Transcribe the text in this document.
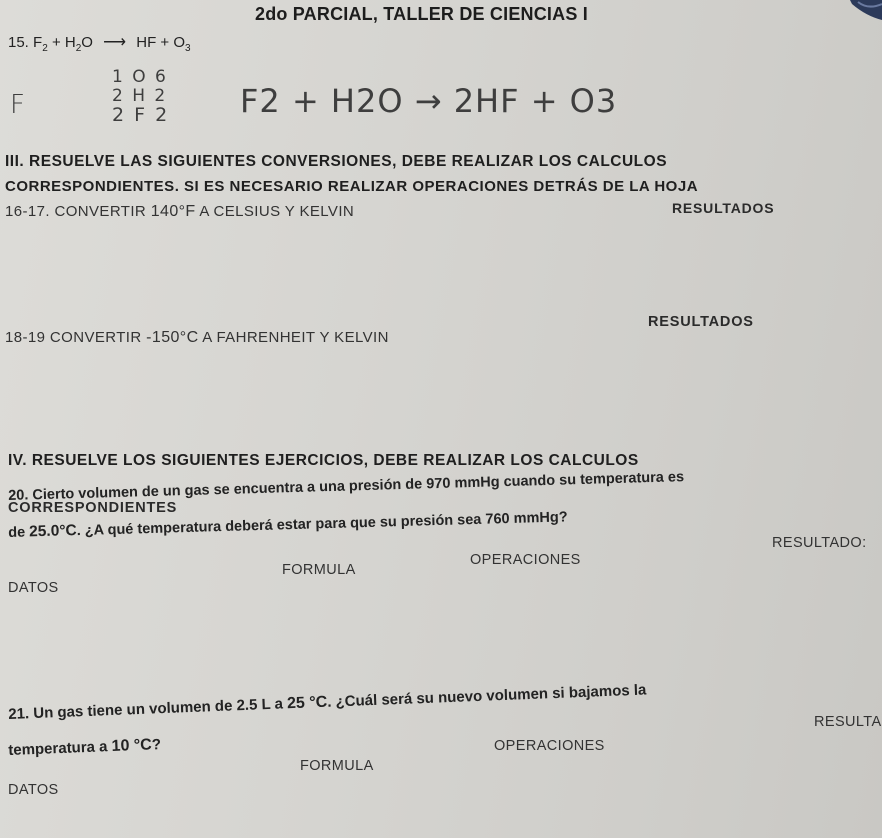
2do PARCIAL, TALLER DE CIENCIAS I
15. $F_2 + H_2O$ ⟶ HF + $O_3$
F
1 O 6
2 H 2
2 F 2 F2 + H2O → 2HF + O3
III. RESUELVE LAS SIGUIENTES CONVERSIONES, DEBE REALIZAR LOS CALCULOS
CORRESPONDIENTES. SI ES NECESARIO REALIZAR OPERACIONES DETRÁS DE LA HOJA
16-17. CONVERTIR 140°F A CELSIUS Y KELVIN	RESULTADOS
18-19 CONVERTIR -150°C A FAHRENHEIT Y KELVIN
RESULTADOS
IV. RESUELVE LOS SIGUIENTES EJERCICIOS, DEBE REALIZAR LOS CALCULOS
CORRESPONDIENTES
20. Cierto volumen de un gas se encuentra a una presión de 970 mmHg cuando su temperatura es
de 25.0°C. ¿A qué temperatura deberá estar para que su presión sea 760 mmHg?
RESULTADO:
OPERACIONES
FORMULA
DATOS
21. Un gas tiene un volumen de 2.5 L a 25 °C. ¿Cuál será su nuevo volumen si bajamos la
temperatura a 10 °C?
RESULTA
OPERACIONES
FORMULA
DATOS
